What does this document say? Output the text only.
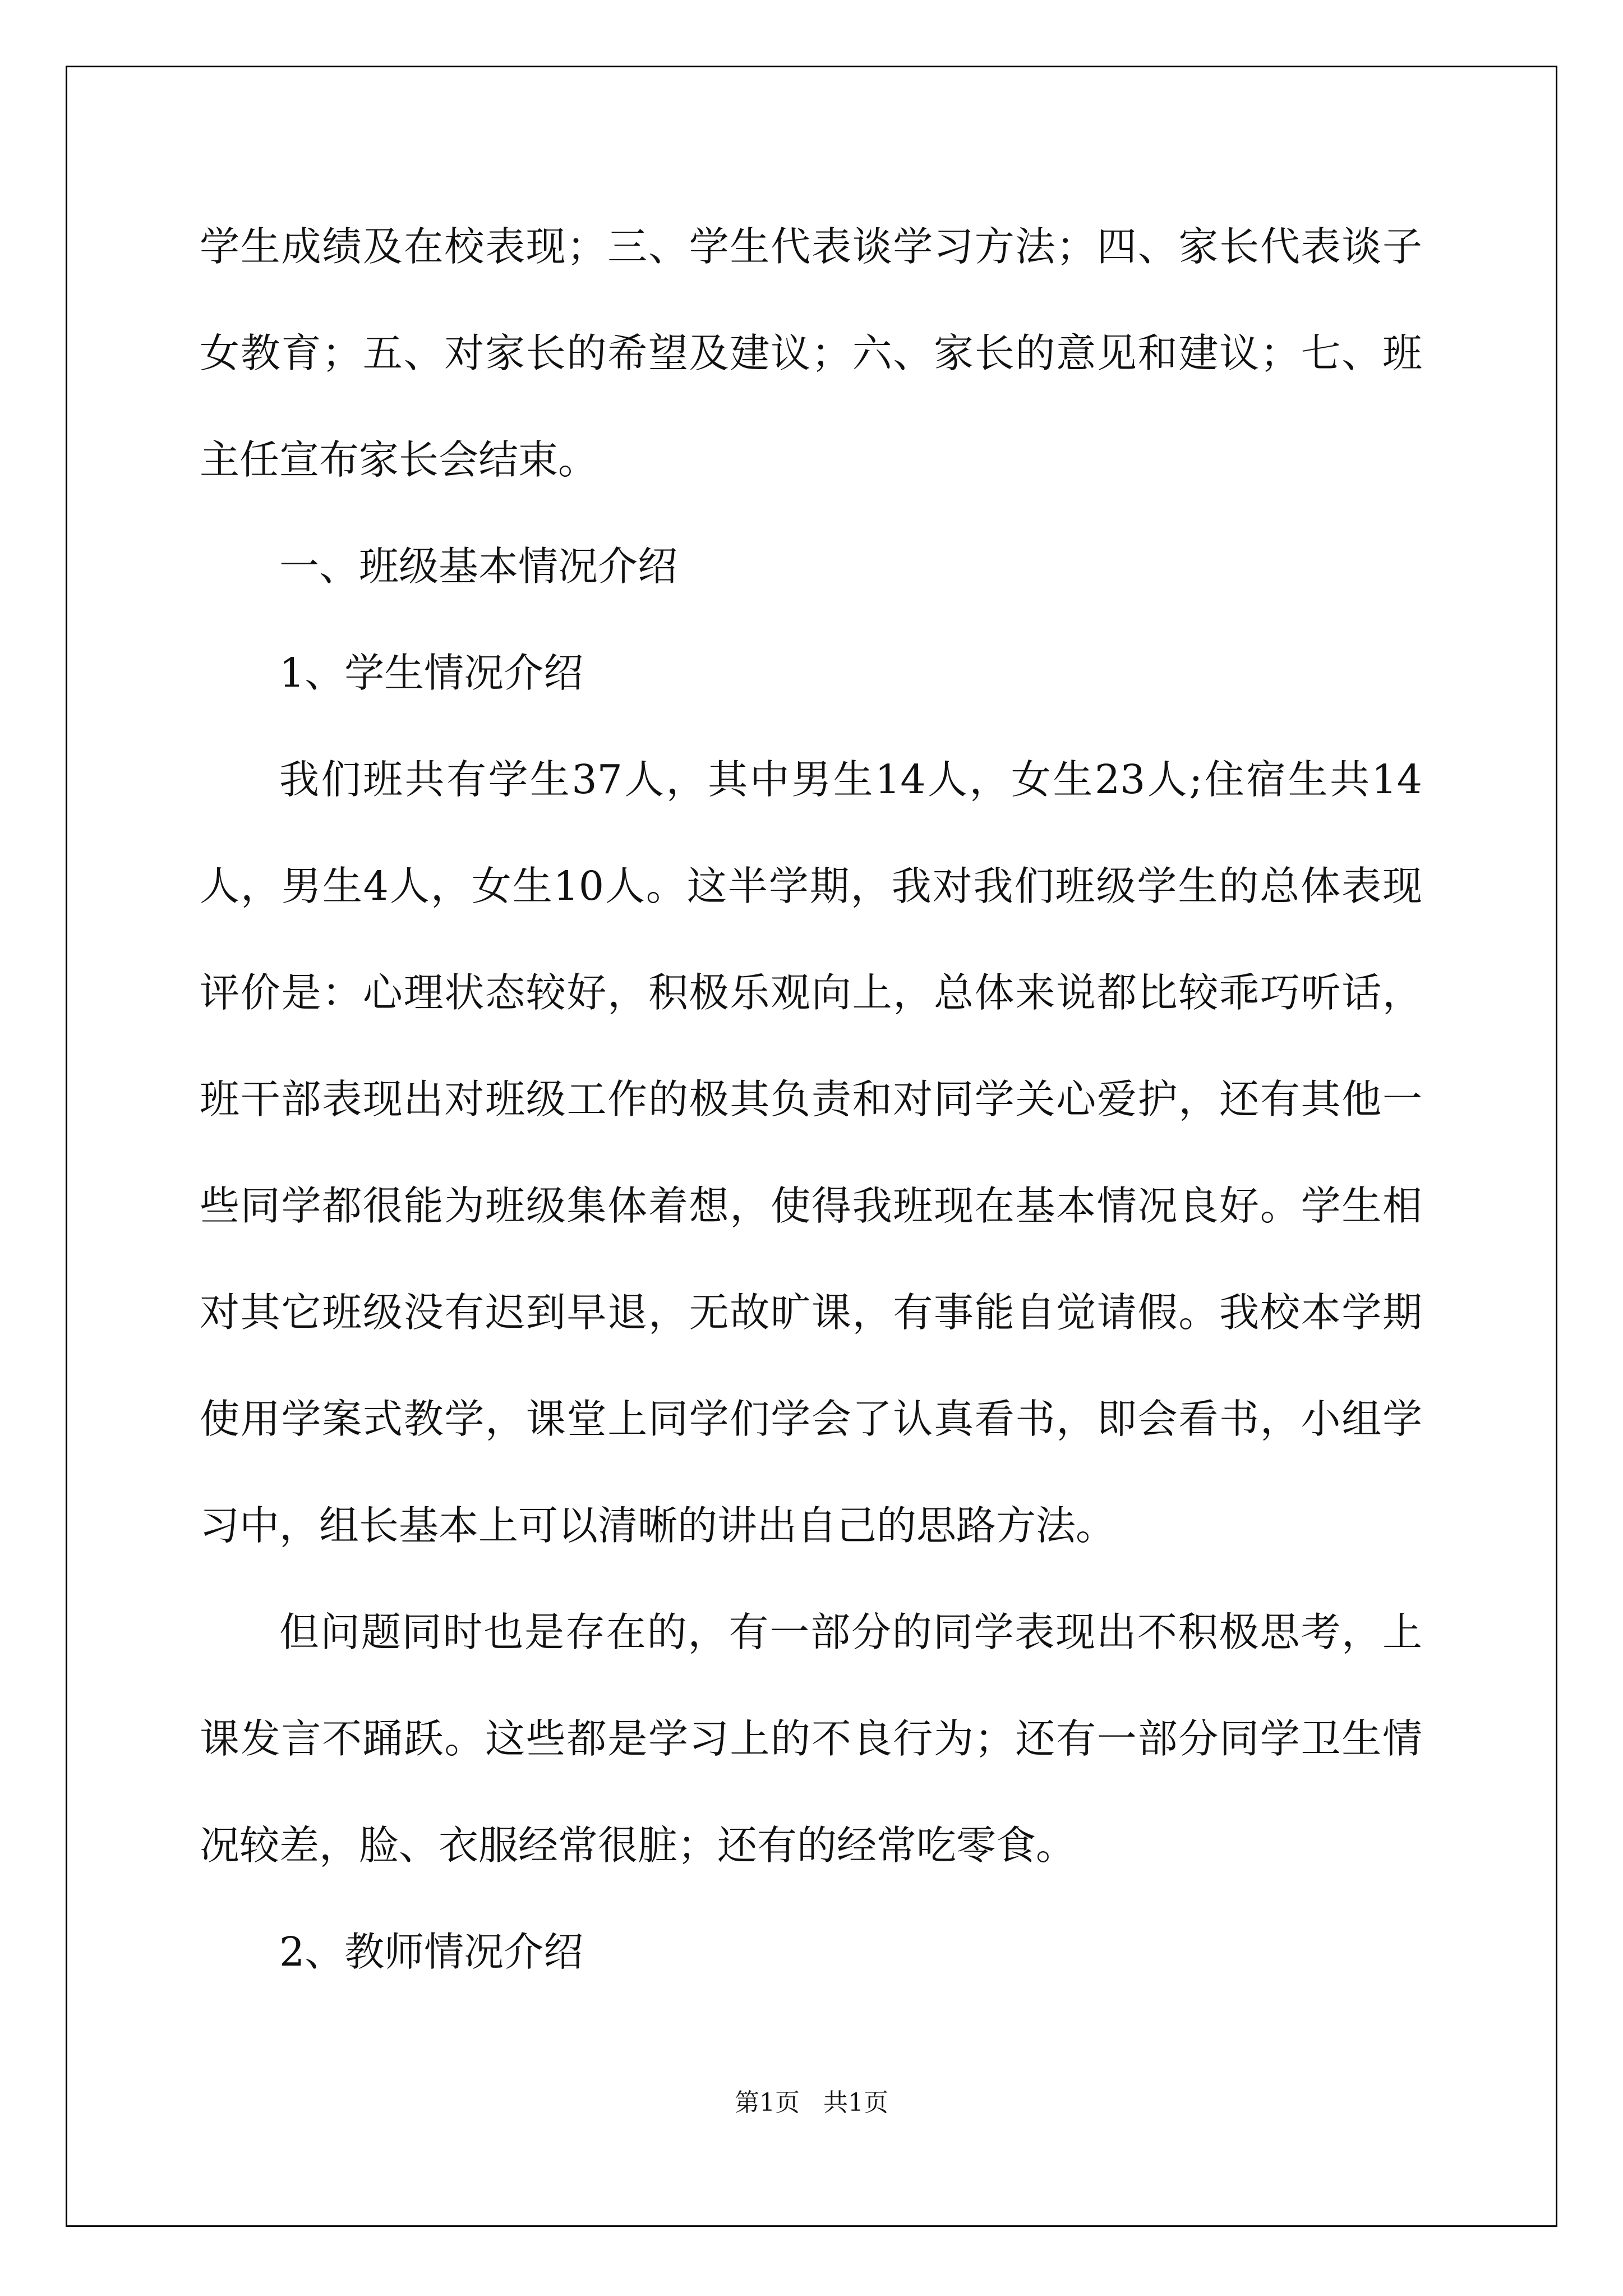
学生成绩及在校表现；三、学生代表谈学习方法；四、家长代表谈子女教育；五、对家长的希望及建议；六、家长的意见和建议；七、班主任宣布家长会结束。

一、班级基本情况介绍

1、学生情况介绍

我们班共有学生37人，其中男生14人，女生23人;住宿生共14人，男生4人，女生10人。这半学期，我对我们班级学生的总体表现评价是：心理状态较好，积极乐观向上，总体来说都比较乖巧听话，班干部表现出对班级工作的极其负责和对同学关心爱护，还有其他一些同学都很能为班级集体着想，使得我班现在基本情况良好。学生相对其它班级没有迟到早退，无故旷课，有事能自觉请假。我校本学期使用学案式教学，课堂上同学们学会了认真看书，即会看书，小组学习中，组长基本上可以清晰的讲出自己的思路方法。

但问题同时也是存在的，有一部分的同学表现出不积极思考，上课发言不踊跃。这些都是学习上的不良行为；还有一部分同学卫生情况较差，脸、衣服经常很脏；还有的经常吃零食。

2、教师情况介绍

第1页   共1页
